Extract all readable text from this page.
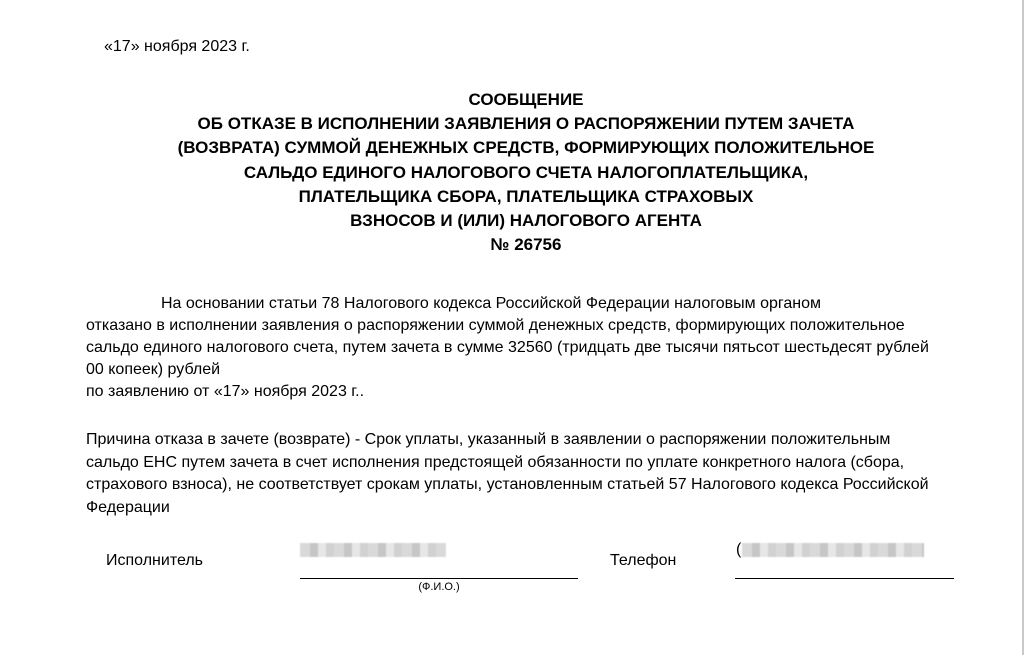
«17» ноября 2023 г.
СООБЩЕНИЕ
ОБ ОТКАЗЕ В ИСПОЛНЕНИИ ЗАЯВЛЕНИЯ О РАСПОРЯЖЕНИИ ПУТЕМ ЗАЧЕТА
(ВОЗВРАТА) СУММОЙ ДЕНЕЖНЫХ СРЕДСТВ, ФОРМИРУЮЩИХ ПОЛОЖИТЕЛЬНОЕ
САЛЬДО ЕДИНОГО НАЛОГОВОГО СЧЕТА НАЛОГОПЛАТЕЛЬЩИКА,
ПЛАТЕЛЬЩИКА СБОРА, ПЛАТЕЛЬЩИКА СТРАХОВЫХ
ВЗНОСОВ И (ИЛИ) НАЛОГОВОГО АГЕНТА
№ 26756
На основании статьи 78 Налогового кодекса Российской Федерации налоговым органом
отказано в исполнении заявления о распоряжении суммой денежных средств, формирующих положительное
сальдо единого налогового счета, путем зачета в сумме 32560 (тридцать две тысячи пятьсот шестьдесят рублей
00 копеек) рублей
по заявлению от «17» ноября 2023 г..
Причина отказа в зачете (возврате) - Срок уплаты, указанный в заявлении о распоряжении положительным
сальдо ЕНС путем зачета в счет исполнения предстоящей обязанности по уплате конкретного налога (сбора,
страхового взноса), не соответствует срокам уплаты, установленным статьей 57 Налогового кодекса Российской
Федерации
Исполнитель
(Ф.И.О.)
Телефон
(
